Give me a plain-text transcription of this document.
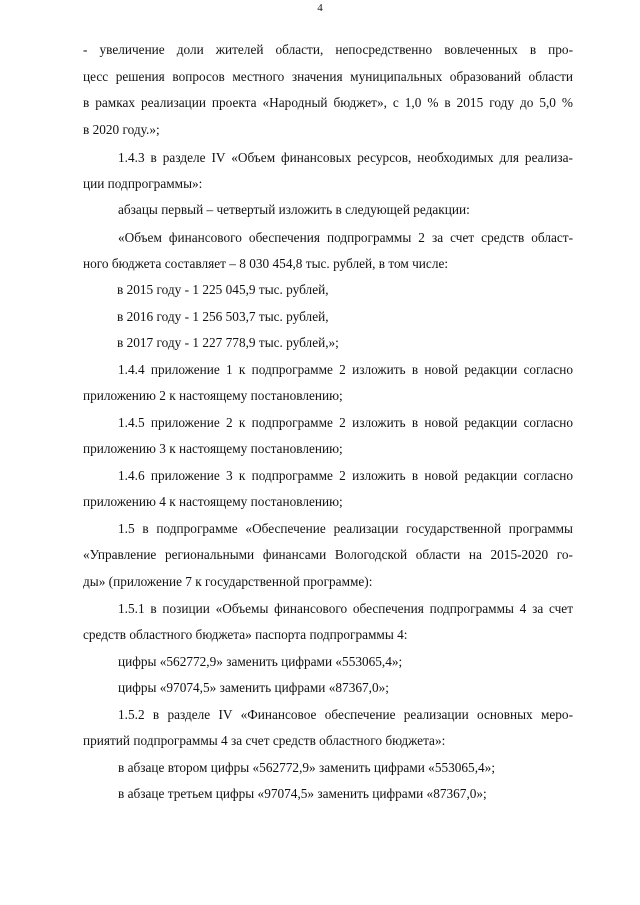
4
- увеличение доли жителей области, непосредственно вовлеченных в про-
цесс решения вопросов местного значения муниципальных образований области
в рамках реализации проекта «Народный бюджет», с 1,0 % в 2015 году до 5,0 %
в 2020 году.»;
1.4.3 в разделе IV «Объем финансовых ресурсов, необходимых для реализа-
ции подпрограммы»:
абзацы первый – четвертый изложить в следующей редакции:
«Объем финансового обеспечения подпрограммы 2 за счет средств област-
ного бюджета составляет – 8 030 454,8 тыс. рублей, в том числе:
в 2015 году - 1 225 045,9 тыс. рублей,
в 2016 году - 1 256 503,7 тыс. рублей,
в 2017 году - 1 227 778,9 тыс. рублей,»;
1.4.4 приложение 1 к подпрограмме 2 изложить в новой редакции согласно
приложению 2 к настоящему постановлению;
1.4.5 приложение 2 к подпрограмме 2 изложить в новой редакции согласно
приложению 3 к настоящему постановлению;
1.4.6 приложение 3 к подпрограмме 2 изложить в новой редакции согласно
приложению 4 к настоящему постановлению;
1.5 в подпрограмме «Обеспечение реализации государственной программы
«Управление региональными финансами Вологодской области на 2015-2020 го-
ды» (приложение 7 к государственной программе):
1.5.1 в позиции «Объемы финансового обеспечения подпрограммы 4 за счет
средств областного бюджета» паспорта подпрограммы 4:
цифры «562772,9» заменить цифрами «553065,4»;
цифры «97074,5» заменить цифрами «87367,0»;
1.5.2 в разделе IV «Финансовое обеспечение реализации основных меро-
приятий подпрограммы 4 за счет средств областного бюджета»:
в абзаце втором цифры «562772,9» заменить цифрами «553065,4»;
в абзаце третьем цифры «97074,5» заменить цифрами «87367,0»;
